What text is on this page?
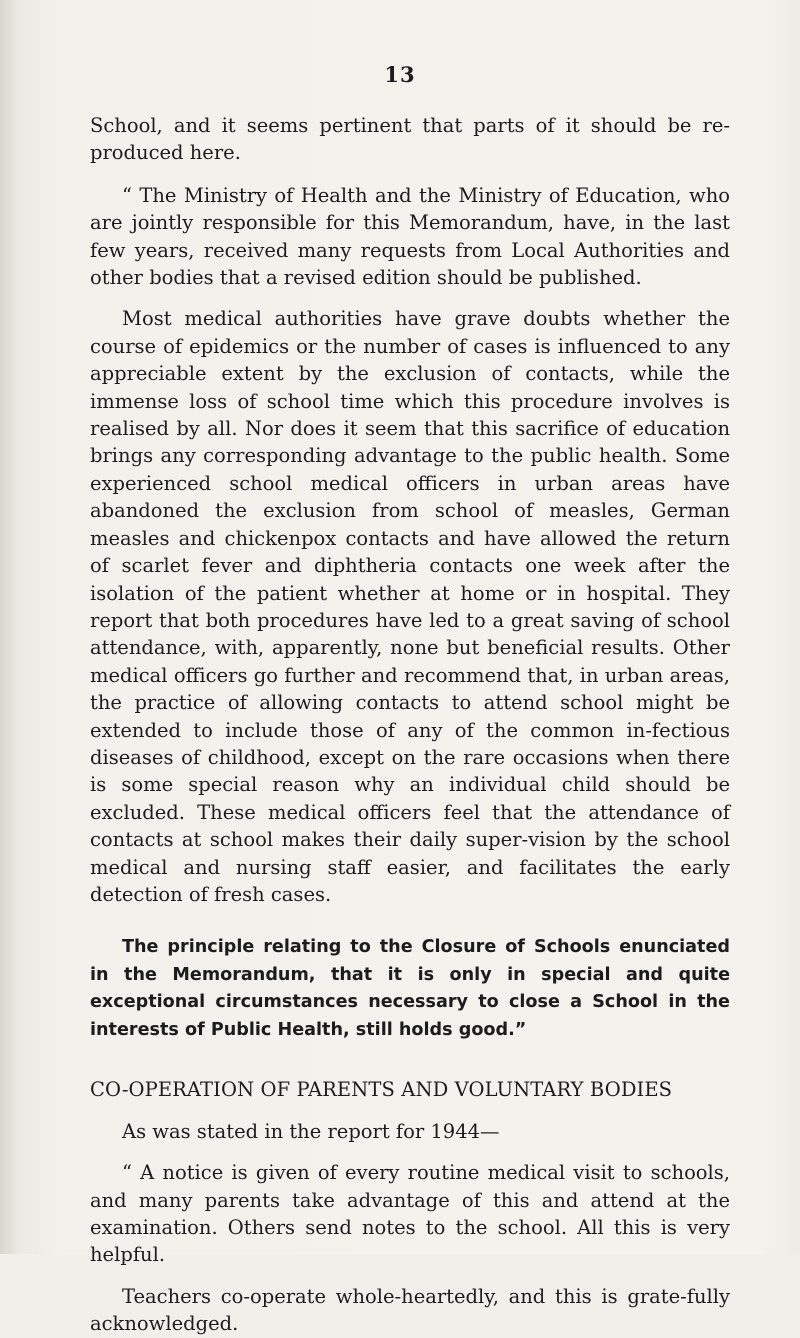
13

School, and it seems pertinent that parts of it should be re-produced here.

“ The Ministry of Health and the Ministry of Education, who are jointly responsible for this Memorandum, have, in the last few years, received many requests from Local Authorities and other bodies that a revised edition should be published.

Most medical authorities have grave doubts whether the course of epidemics or the number of cases is influenced to any appreciable extent by the exclusion of contacts, while the immense loss of school time which this procedure involves is realised by all. Nor does it seem that this sacrifice of education brings any corresponding advantage to the public health. Some experienced school medical officers in urban areas have abandoned the exclusion from school of measles, German measles and chickenpox contacts and have allowed the return of scarlet fever and diphtheria contacts one week after the isolation of the patient whether at home or in hospital. They report that both procedures have led to a great saving of school attendance, with, apparently, none but beneficial results. Other medical officers go further and recommend that, in urban areas, the practice of allowing contacts to attend school might be extended to include those of any of the common in-fectious diseases of childhood, except on the rare occasions when there is some special reason why an individual child should be excluded. These medical officers feel that the attendance of contacts at school makes their daily super-vision by the school medical and nursing staff easier, and facilitates the early detection of fresh cases.

The principle relating to the Closure of Schools enunciated in the Memorandum, that it is only in special and quite exceptional circumstances necessary to close a School in the interests of Public Health, still holds good.”

CO-OPERATION OF PARENTS AND VOLUNTARY BODIES

As was stated in the report for 1944—

“ A notice is given of every routine medical visit to schools, and many parents take advantage of this and attend at the examination. Others send notes to the school. All this is very helpful.

Teachers co-operate whole-heartedly, and this is grate-fully acknowledged.
